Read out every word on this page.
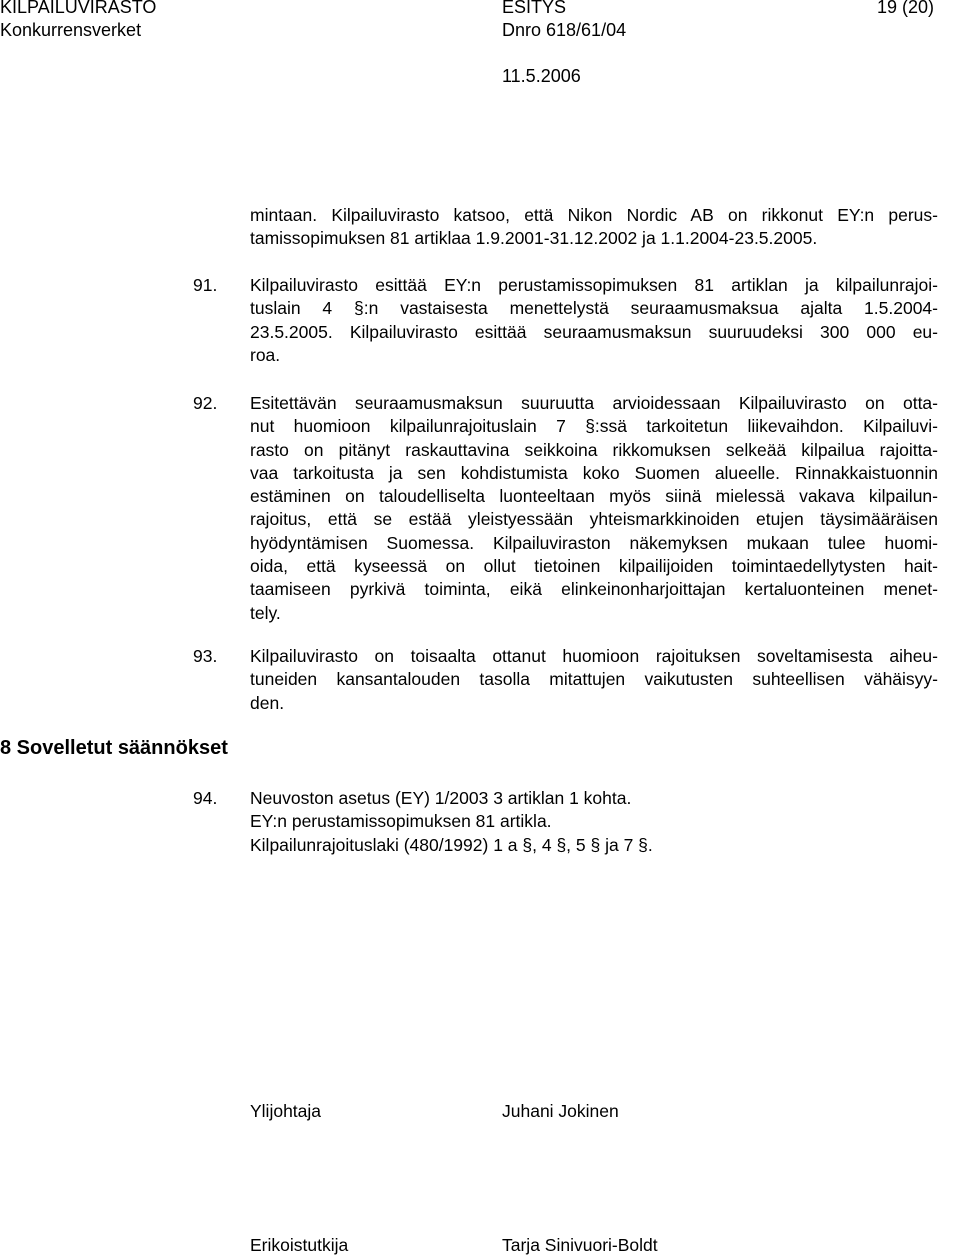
KILPAILUVIRASTO
Konkurrensverket
ESITYS
Dnro 618/61/04
19 (20)
11.5.2006
mintaan. Kilpailuvirasto katsoo, että Nikon Nordic AB on rikkonut EY:n perus-
tamissopimuksen 81 artiklaa 1.9.2001-31.12.2002 ja 1.1.2004-23.5.2005.
91. Kilpailuvirasto esittää EY:n perustamissopimuksen 81 artiklan ja kilpailunrajoi-
tuslain 4 §:n vastaisesta menettelystä seuraamusmaksua ajalta 1.5.2004-
23.5.2005. Kilpailuvirasto esittää seuraamusmaksun suuruudeksi 300 000 eu-
roa.
92. Esitettävän seuraamusmaksun suuruutta arvioidessaan Kilpailuvirasto on otta-
nut huomioon kilpailunrajoituslain 7 §:ssä tarkoitetun liikevaihdon. Kilpailuvi-
rasto on pitänyt raskauttavina seikkoina rikkomuksen selkeää kilpailua rajoitta-
vaa tarkoitusta ja sen kohdistumista koko Suomen alueelle. Rinnakkaistuonnin
estäminen on taloudelliselta luonteeltaan myös siinä mielessä vakava kilpailun-
rajoitus, että se estää yleistyessään yhteismarkkinoiden etujen täysimääräisen
hyödyntämisen Suomessa. Kilpailuviraston näkemyksen mukaan tulee huomi-
oida, että kyseessä on ollut tietoinen kilpailijoiden toimintaedellytysten hait-
taamiseen pyrkivä toiminta, eikä elinkeinonharjoittajan kertaluonteinen menet-
tely.
93. Kilpailuvirasto on toisaalta ottanut huomioon rajoituksen soveltamisesta aiheu-
tuneiden kansantalouden tasolla mitattujen vaikutusten suhteellisen vähäisyy-
den.
8 Sovelletut säännökset
94. Neuvoston asetus (EY) 1/2003 3 artiklan 1 kohta.
EY:n perustamissopimuksen 81 artikla.
Kilpailunrajoituslaki (480/1992) 1 a §, 4 §, 5 § ja 7 §.
Ylijohtaja	Juhani Jokinen
Erikoistutkija	Tarja Sinivuori-Boldt
